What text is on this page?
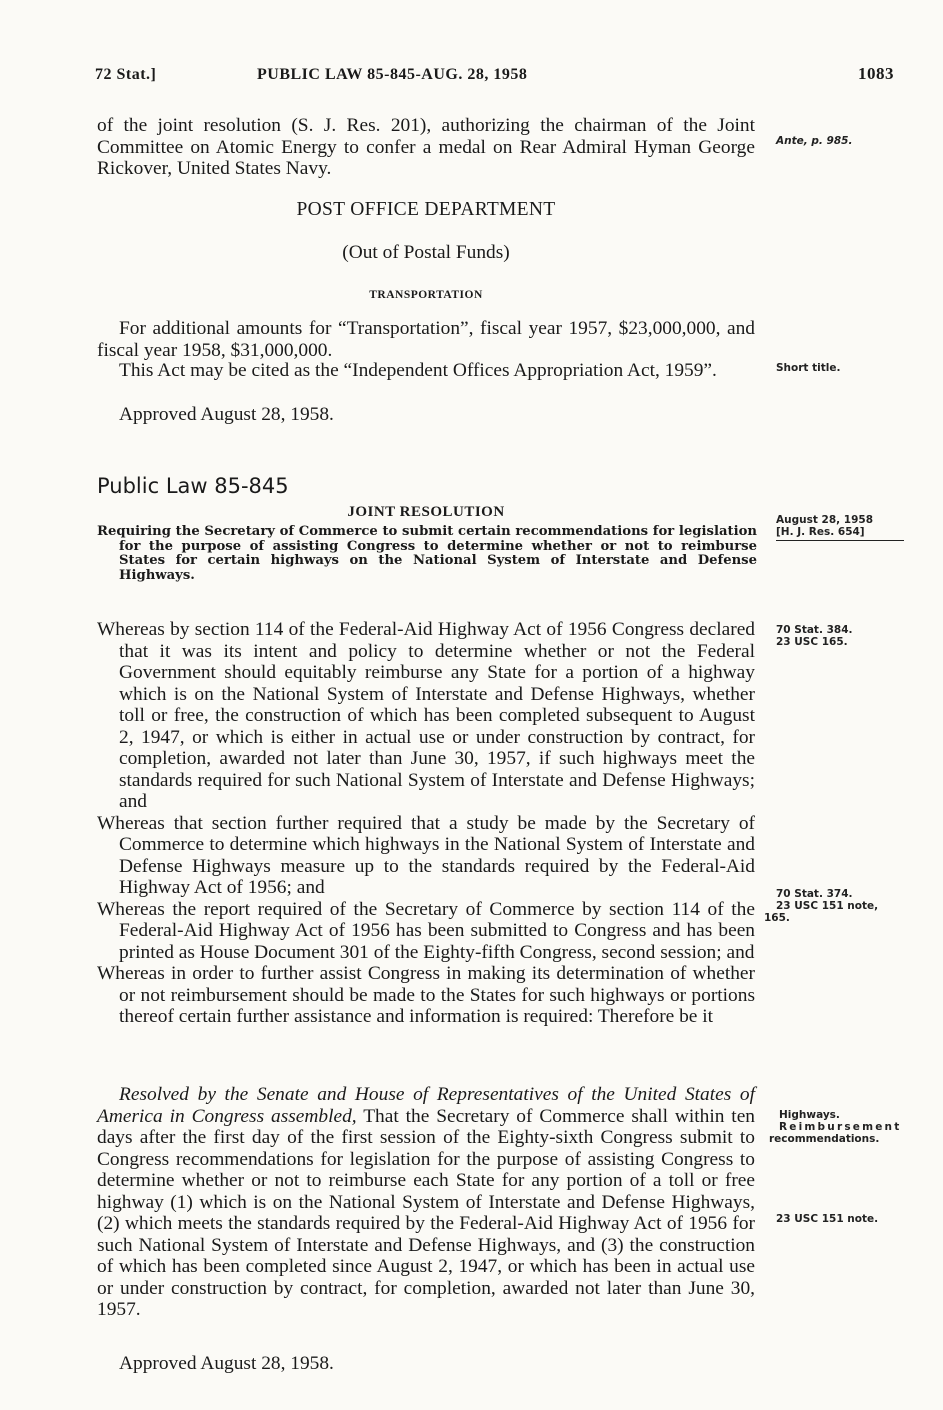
72 Stat.]	PUBLIC LAW 85-845-AUG. 28, 1958	1083

of the joint resolution (S. J. Res. 201), authorizing the chairman of the Joint Committee on Atomic Energy to confer a medal on Rear Admiral Hyman George Rickover, United States Navy.

POST OFFICE DEPARTMENT
(Out of Postal Funds)
TRANSPORTATION

For additional amounts for “Transportation”, fiscal year 1957, $23,000,000, and fiscal year 1958, $31,000,000.

This Act may be cited as the “Independent Offices Appropriation Act, 1959”.

Approved August 28, 1958.

Public Law 85-845
JOINT RESOLUTION

Requiring the Secretary of Commerce to submit certain recommendations for legislation for the purpose of assisting Congress to determine whether or not to reimburse States for certain highways on the National System of Interstate and Defense Highways.

Whereas by section 114 of the Federal-Aid Highway Act of 1956 Congress declared that it was its intent and policy to determine whether or not the Federal Government should equitably reimburse any State for a portion of a highway which is on the National System of Interstate and Defense Highways, whether toll or free, the construction of which has been completed subsequent to August 2, 1947, or which is either in actual use or under construction by contract, for completion, awarded not later than June 30, 1957, if such highways meet the standards required for such National System of Interstate and Defense Highways; and

Whereas that section further required that a study be made by the Secretary of Commerce to determine which highways in the National System of Interstate and Defense Highways measure up to the standards required by the Federal-Aid Highway Act of 1956; and

Whereas the report required of the Secretary of Commerce by section 114 of the Federal-Aid Highway Act of 1956 has been submitted to Congress and has been printed as House Document 301 of the Eighty-fifth Congress, second session; and

Whereas in order to further assist Congress in making its determination of whether or not reimbursement should be made to the States for such highways or portions thereof certain further assistance and information is required: Therefore be it

Resolved by the Senate and House of Representatives of the United States of America in Congress assembled, That the Secretary of Commerce shall within ten days after the first day of the first session of the Eighty-sixth Congress submit to Congress recommendations for legislation for the purpose of assisting Congress to determine whether or not to reimburse each State for any portion of a toll or free highway (1) which is on the National System of Interstate and Defense Highways, (2) which meets the standards required by the Federal-Aid Highway Act of 1956 for such National System of Interstate and Defense Highways, and (3) the construction of which has been completed since August 2, 1947, or which has been in actual use or under construction by contract, for completion, awarded not later than June 30, 1957.

Approved August 28, 1958.

Ante, p. 985.
Short title.
August 28, 1958
[H. J. Res. 654]
70 Stat. 384.
23 USC 165.
70 Stat. 374.
23 USC 151 note,
165.
Highways.
Reimbursement
recommendations.
23 USC 151 note.
